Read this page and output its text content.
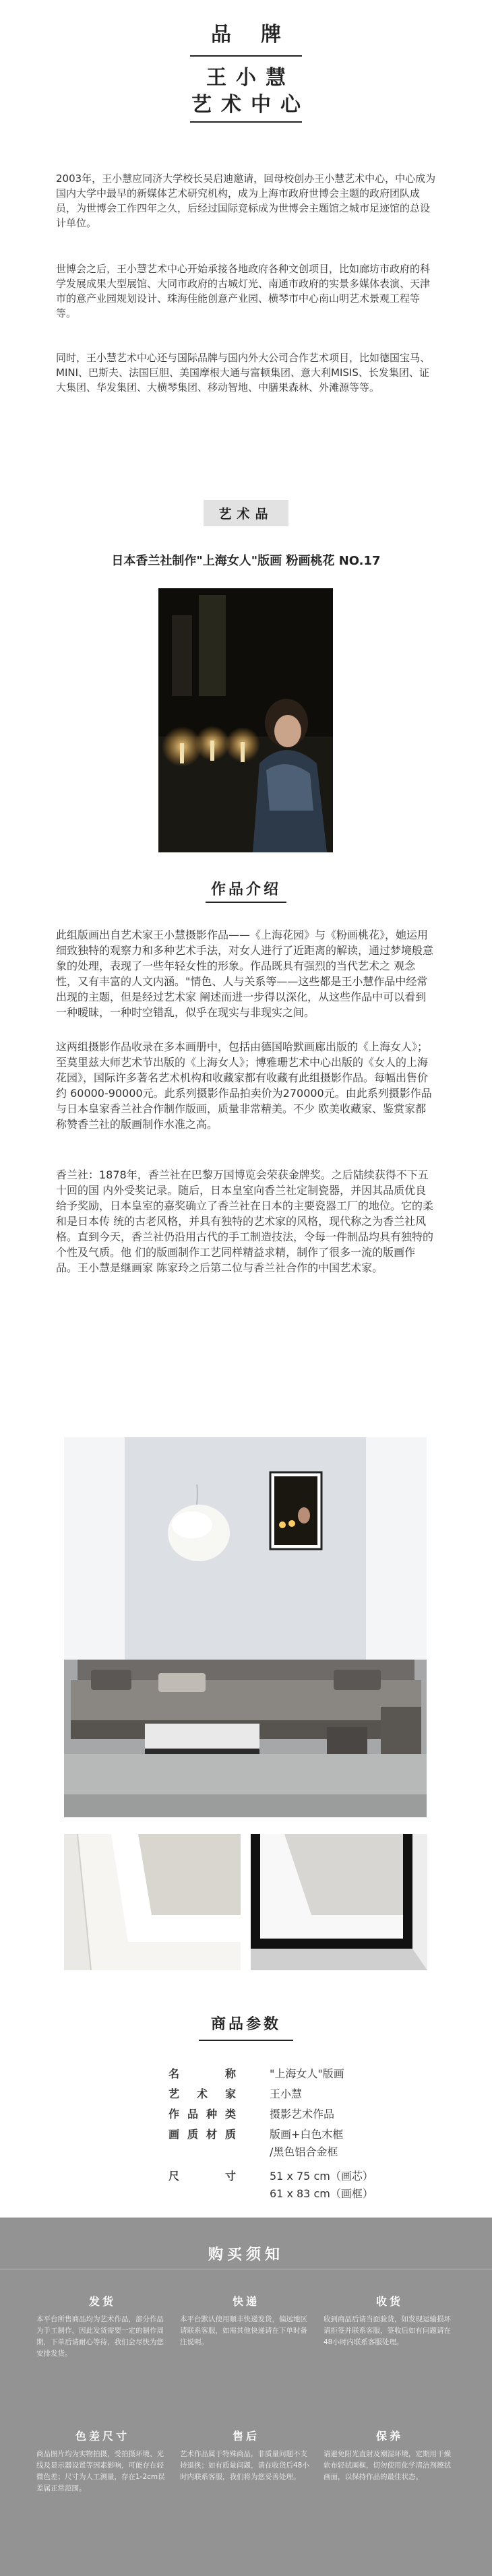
品牌
王小慧
艺术中心
2003年，王小慧应同济大学校长吴启迪邀请，回母校创办王小慧艺术中心，中心成为国内大学中最早的新媒体艺术研究机构，成为上海市政府世博会主题的政府团队成员，为世博会工作四年之久，后经过国际竞标成为世博会主题馆之城市足迹馆的总设计单位。
世博会之后，王小慧艺术中心开始承接各地政府各种文创项目，比如廊坊市政府的科学发展成果大型展馆、大同市政府的古城灯光、南通市政府的实景多媒体表演、天津市的意产业园规划设计、珠海佳能创意产业园、横琴市中心南山明艺术景观工程等等。
同时，王小慧艺术中心还与国际品牌与国内外大公司合作艺术项目，比如德国宝马、MINI、巴斯夫、法国巨胆、美国摩根大通与富顿集团、意大利MISIS、长发集团、证大集团、华发集团、大横琴集团、移动智地、中膳果森林、外滩源等等。
艺术品
日本香兰社制作"上海女人"版画 粉画桃花 NO.17
作品介绍
此组版画出自艺术家王小慧摄影作品——《上海花园》与《粉画桃花》，她运用细致独特的观察力和多种艺术手法，对女人进行了近距离的解读，通过梦境般意象的处理，表现了一些年轻女性的形象。作品既具有强烈的当代艺术之 观念性，又有丰富的人文内涵。"情色、人与关系等——这些都是王小慧作品中经常出现的主题，但是经过艺术家 阐述而进一步得以深化，从这些作品中可以看到一种暧昧，一种时空错乱，似乎在现实与非现实之间。
这两组摄影作品收录在多本画册中，包括由德国哈默画廊出版的《上海女人》；至莫里兹大师艺术节出版的《上海女人》；博雅珊艺术中心出版的《女人的上海花园》，国际许多著名艺术机构和收藏家都有收藏有此组摄影作品。每幅出售价约 60000-90000元。此系列摄影作品拍卖价为270000元。由此系列摄影作品与日本皇家香兰社合作制作版画，质量非常精美。不少 欧美收藏家、鉴赏家都称赞香兰社的版画制作水准之高。
香兰社：1878年，香兰社在巴黎万国博览会荣获金牌奖。之后陆续获得不下五十回的国 内外受奖记录。随后，日本皇室向香兰社定制瓷器，并因其品质优良给予奖励，日本皇室的嘉奖确立了香兰社在日本的主要瓷器工厂的地位。它的柔和是日本传 统的古老风格，并具有独特的艺术家的风格，现代称之为香兰社风格。直到今天，香兰社仍沿用古代的手工制造技法，令每一件制品均具有独特的个性及气质。他 们的版画制作工艺同样精益求精，制作了很多一流的版画作品。王小慧是继画家 陈家玲之后第二位与香兰社合作的中国艺术家。
商品参数
名称	"上海女人"版画
艺术家	王小慧
作品种类	摄影艺术作品
画质材质	版画+白色木框
/黑色铝合金框
尺寸	51 x 75 cm（画芯）
61 x 83 cm（画框）
购买须知
发货
本平台所售商品均为艺术作品，部分作品为手工制作，因此发货需要一定的制作周期，下单后请耐心等待，我们会尽快为您安排发货。
快递
本平台默认使用顺丰快递发货，偏远地区请联系客服，如需其他快递请在下单时备注说明。
收货
收到商品后请当面验货，如发现运输损坏请拒签并联系客服，签收后如有问题请在48小时内联系客服处理。
色差尺寸
商品图片均为实物拍摄，受拍摄环境、光线及显示器设置等因素影响，可能存在轻微色差；尺寸为人工测量，存在1-2cm误差属正常范围。
售后
艺术作品属于特殊商品，非质量问题不支持退换；如有质量问题，请在收货后48小时内联系客服，我们将为您妥善处理。
保养
请避免阳光直射及潮湿环境，定期用干燥软布轻拭画框，切勿使用化学清洁剂擦拭画面，以保持作品的最佳状态。
